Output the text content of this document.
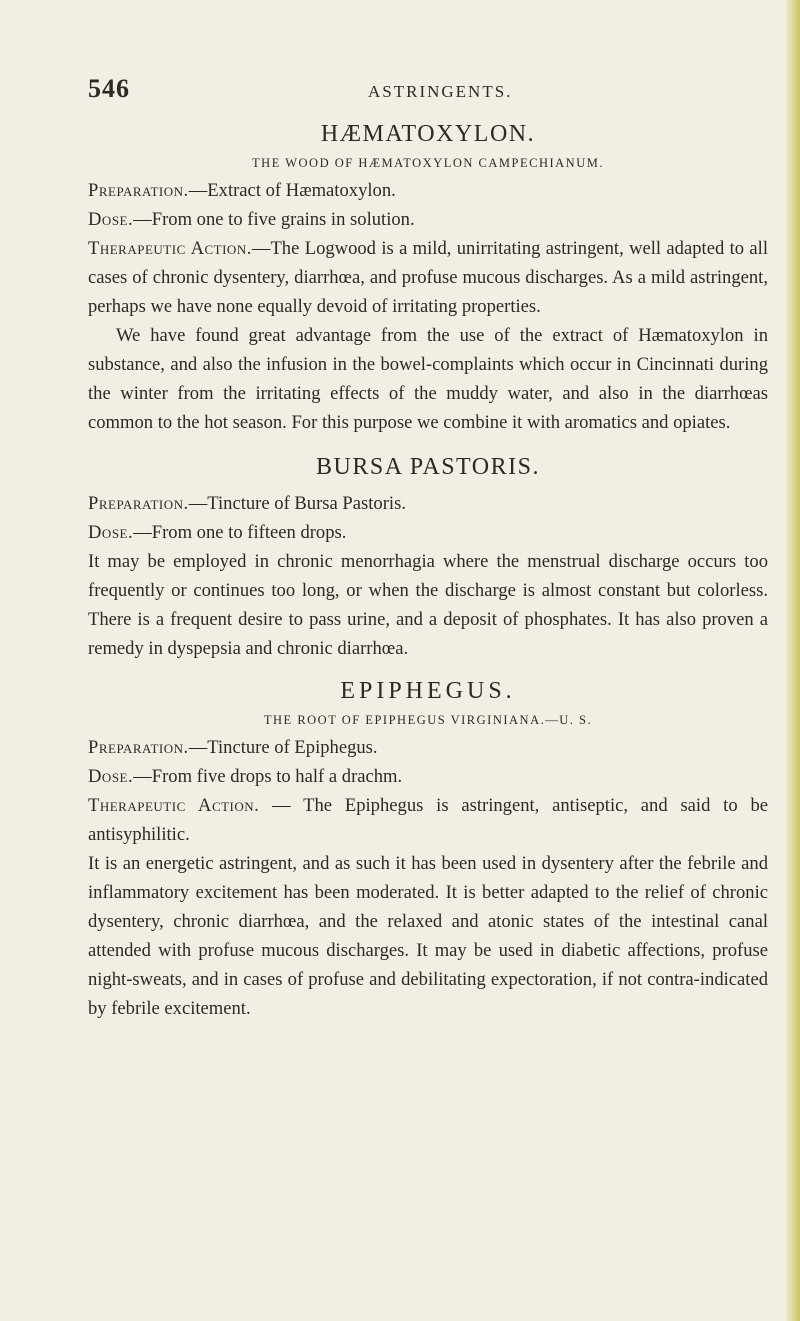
546	ASTRINGENTS.
HÆMATOXYLON.
THE WOOD OF HÆMATOXYLON CAMPECHIANUM.

Preparation.—Extract of Hæmatoxylon.

Dose.—From one to five grains in solution.

Therapeutic Action.—The Logwood is a mild, unirritating astringent, well adapted to all cases of chronic dysentery, diarrhœa, and profuse mucous discharges. As a mild astringent, perhaps we have none equally devoid of irritating properties.

We have found great advantage from the use of the extract of Hæmatoxylon in substance, and also the infusion in the bowel-complaints which occur in Cincinnati during the winter from the irritating effects of the muddy water, and also in the diarrhœas common to the hot season. For this purpose we combine it with aromatics and opiates.

BURSA PASTORIS.

Preparation.—Tincture of Bursa Pastoris.

Dose.—From one to fifteen drops.

It may be employed in chronic menorrhagia where the menstrual discharge occurs too frequently or continues too long, or when the discharge is almost constant but colorless. There is a frequent desire to pass urine, and a deposit of phosphates. It has also proven a remedy in dyspepsia and chronic diarrhœa.

EPIPHEGUS.
THE ROOT OF EPIPHEGUS VIRGINIANA.—U. S.

Preparation.—Tincture of Epiphegus.

Dose.—From five drops to half a drachm.

Therapeutic Action. — The Epiphegus is astringent, antiseptic, and said to be antisyphilitic.

It is an energetic astringent, and as such it has been used in dysentery after the febrile and inflammatory excitement has been moderated. It is better adapted to the relief of chronic dysentery, chronic diarrhœa, and the relaxed and atonic states of the intestinal canal attended with profuse mucous discharges. It may be used in diabetic affections, profuse night-sweats, and in cases of profuse and debilitating expectoration, if not contra-indicated by febrile excitement.
